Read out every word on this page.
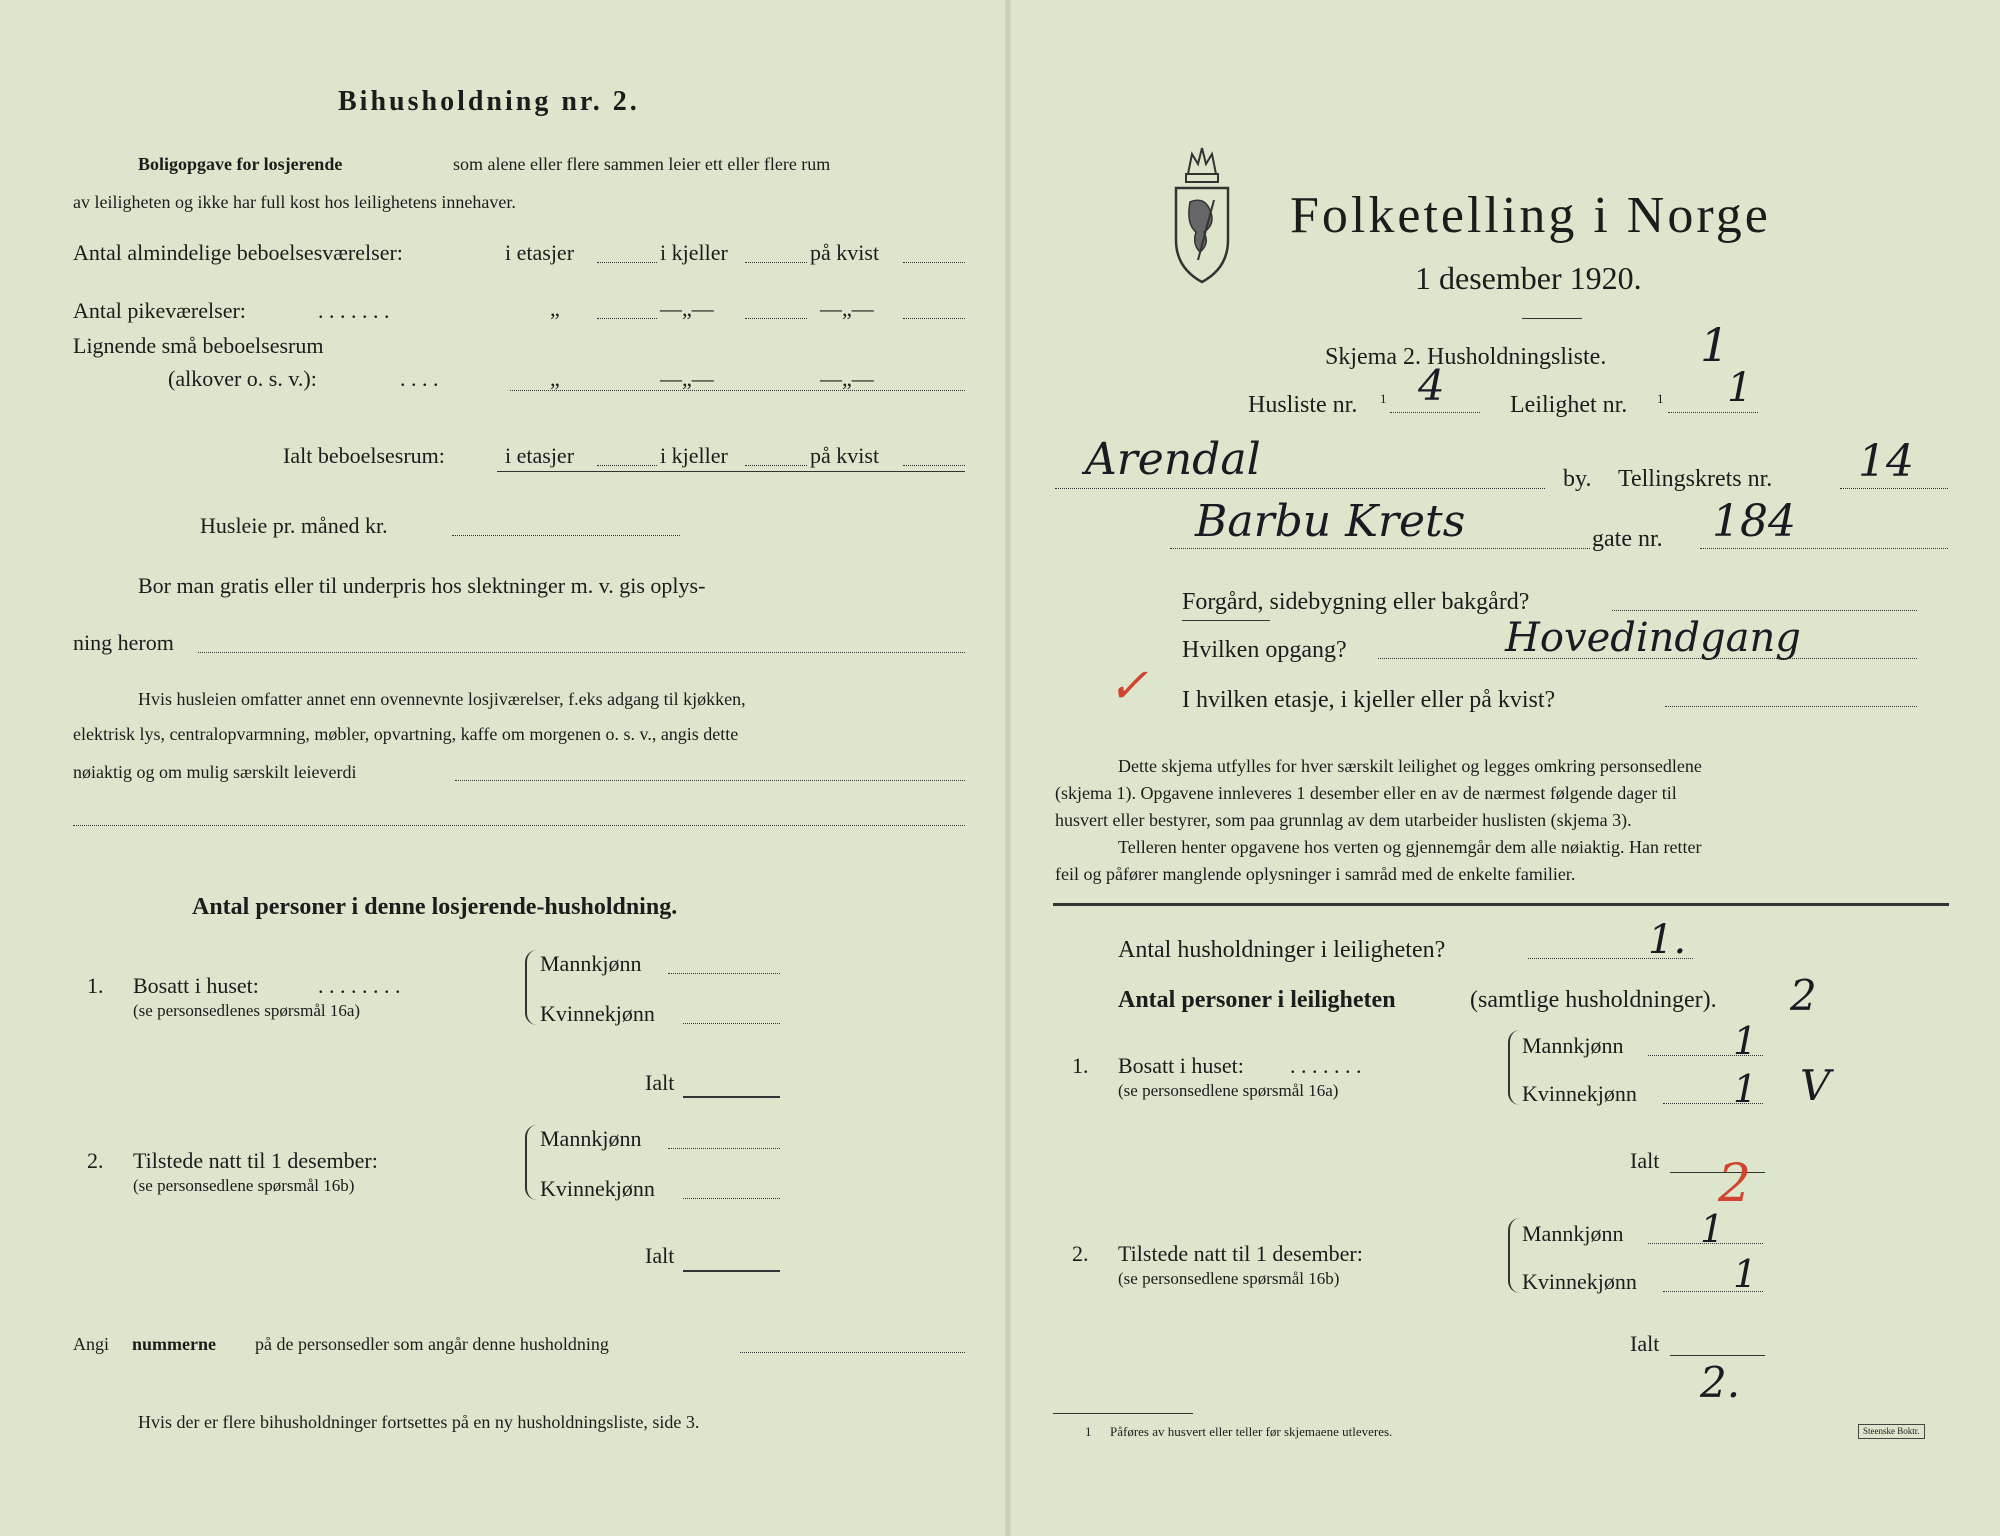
Bihusholdning nr. 2.
Boligopgave for losjerende	som alene eller flere sammen leier ett eller flere rum
av leiligheten og ikke har full kost hos leilighetens innehaver.
Antal almindelige beboelsesværelser:	i etasjer	i kjeller	på kvist
Antal pikeværelser:	. . . . . . .	„	—„—	—„—
Lignende små beboelsesrum
(alkover o. s. v.):	. . . .	„	—„—	—„—
Ialt beboelsesrum:	i etasjer	i kjeller	på kvist
Husleie pr. måned kr.
Bor man gratis eller til underpris hos slektninger m. v. gis oplys-
ning herom
Hvis husleien omfatter annet enn ovennevnte losjiværelser, f.eks adgang til kjøkken,
elektrisk lys, centralopvarmning, møbler, opvartning, kaffe om morgenen o. s. v., angis dette
nøiaktig og om mulig særskilt leieverdi
Antal personer i denne losjerende-husholdning.
1. Bosatt i huset:	. . . . . . . .
(se personsedlenes spørsmål 16a)
Mannkjønn
Kvinnekjønn
Ialt
2. Tilstede natt til 1 desember:
(se personsedlene spørsmål 16b)
Mannkjønn
Kvinnekjønn
Ialt
Angi nummerne på de personsedler som angår denne husholdning
Hvis der er flere bihusholdninger fortsettes på en ny husholdningsliste, side 3.
Folketelling i Norge
1 desember 1920.
Skjema 2. Husholdningsliste. 1
Husliste nr. 1 4	Leilighet nr. 1 1
Arendal	by. Tellingskrets nr. 14
Barbu Krets	gate nr. 184
Forgård, sidebygning eller bakgård?
Hvilken opgang?	Hovedindgang
✓ I hvilken etasje, i kjeller eller på kvist?
Dette skjema utfylles for hver særskilt leilighet og legges omkring personsedlene
(skjema 1). Opgavene innleveres 1 desember eller en av de nærmest følgende dager til
husvert eller bestyrer, som paa grunnlag av dem utarbeider huslisten (skjema 3).
Telleren henter opgavene hos verten og gjennemgår dem alle nøiaktig. Han retter
feil og påfører manglende oplysninger i samråd med de enkelte familier.
Antal husholdninger i leiligheten?	1.
Antal personer i leiligheten	(samtlige husholdninger). 2
1. Bosatt i huset: . . . . . . .
(se personsedlene spørsmål 16a)
Mannkjønn	1
Kvinnekjønn	1 V
Ialt 2
2. Tilstede natt til 1 desember:
(se personsedlene spørsmål 16b)
Mannkjønn 1
Kvinnekjønn	1
Ialt
2.
1 Påføres av husvert eller teller før skjemaene utleveres.	Steenske Boktr.
